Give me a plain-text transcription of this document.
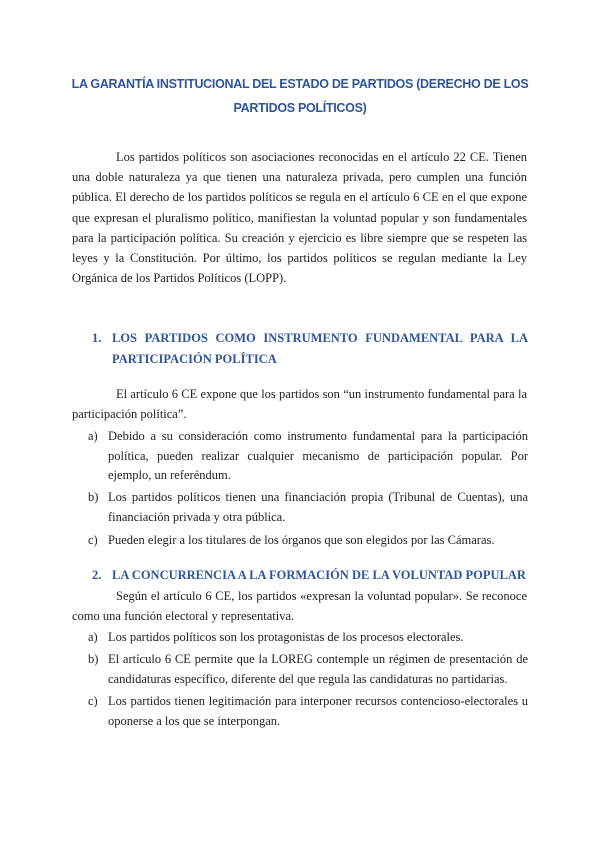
LA GARANTÍA INSTITUCIONAL DEL ESTADO DE PARTIDOS (DERECHO DE LOS PARTIDOS POLÍTICOS)
Los partidos políticos son asociaciones reconocidas en el artículo 22 CE. Tienen una doble naturaleza ya que tienen una naturaleza privada, pero cumplen una función pública. El derecho de los partidos políticos se regula en el artículo 6 CE en el que expone que expresan el pluralismo político, manifiestan la voluntad popular y son fundamentales para la participación política. Su creación y ejercicio es libre siempre que se respeten las leyes y la Constitución. Por último, los partidos políticos se regulan mediante la Ley Orgánica de los Partidos Políticos (LOPP).
1. LOS PARTIDOS COMO INSTRUMENTO FUNDAMENTAL PARA LA PARTICIPACIÓN POLÍTICA
El artículo 6 CE expone que los partidos son “un instrumento fundamental para la participación política”.
a) Debido a su consideración como instrumento fundamental para la participación política, pueden realizar cualquier mecanismo de participación popular. Por ejemplo, un referéndum.
b) Los partidos políticos tienen una financiación propia (Tribunal de Cuentas), una financiación privada y otra pública.
c) Pueden elegir a los titulares de los órganos que son elegidos por las Cámaras.
2. LA CONCURRENCIA A LA FORMACIÓN DE LA VOLUNTAD POPULAR
Según el artículo 6 CE, los partidos «expresan la voluntad popular». Se reconoce como una función electoral y representativa.
a) Los partidos políticos son los protagonistas de los procesos electorales.
b) El artículo 6 CE permite que la LOREG contemple un régimen de presentación de candidaturas específico, diferente del que regula las candidaturas no partidarias.
c) Los partidos tienen legitimación para interponer recursos contencioso-electorales u oponerse a los que se interpongan.
